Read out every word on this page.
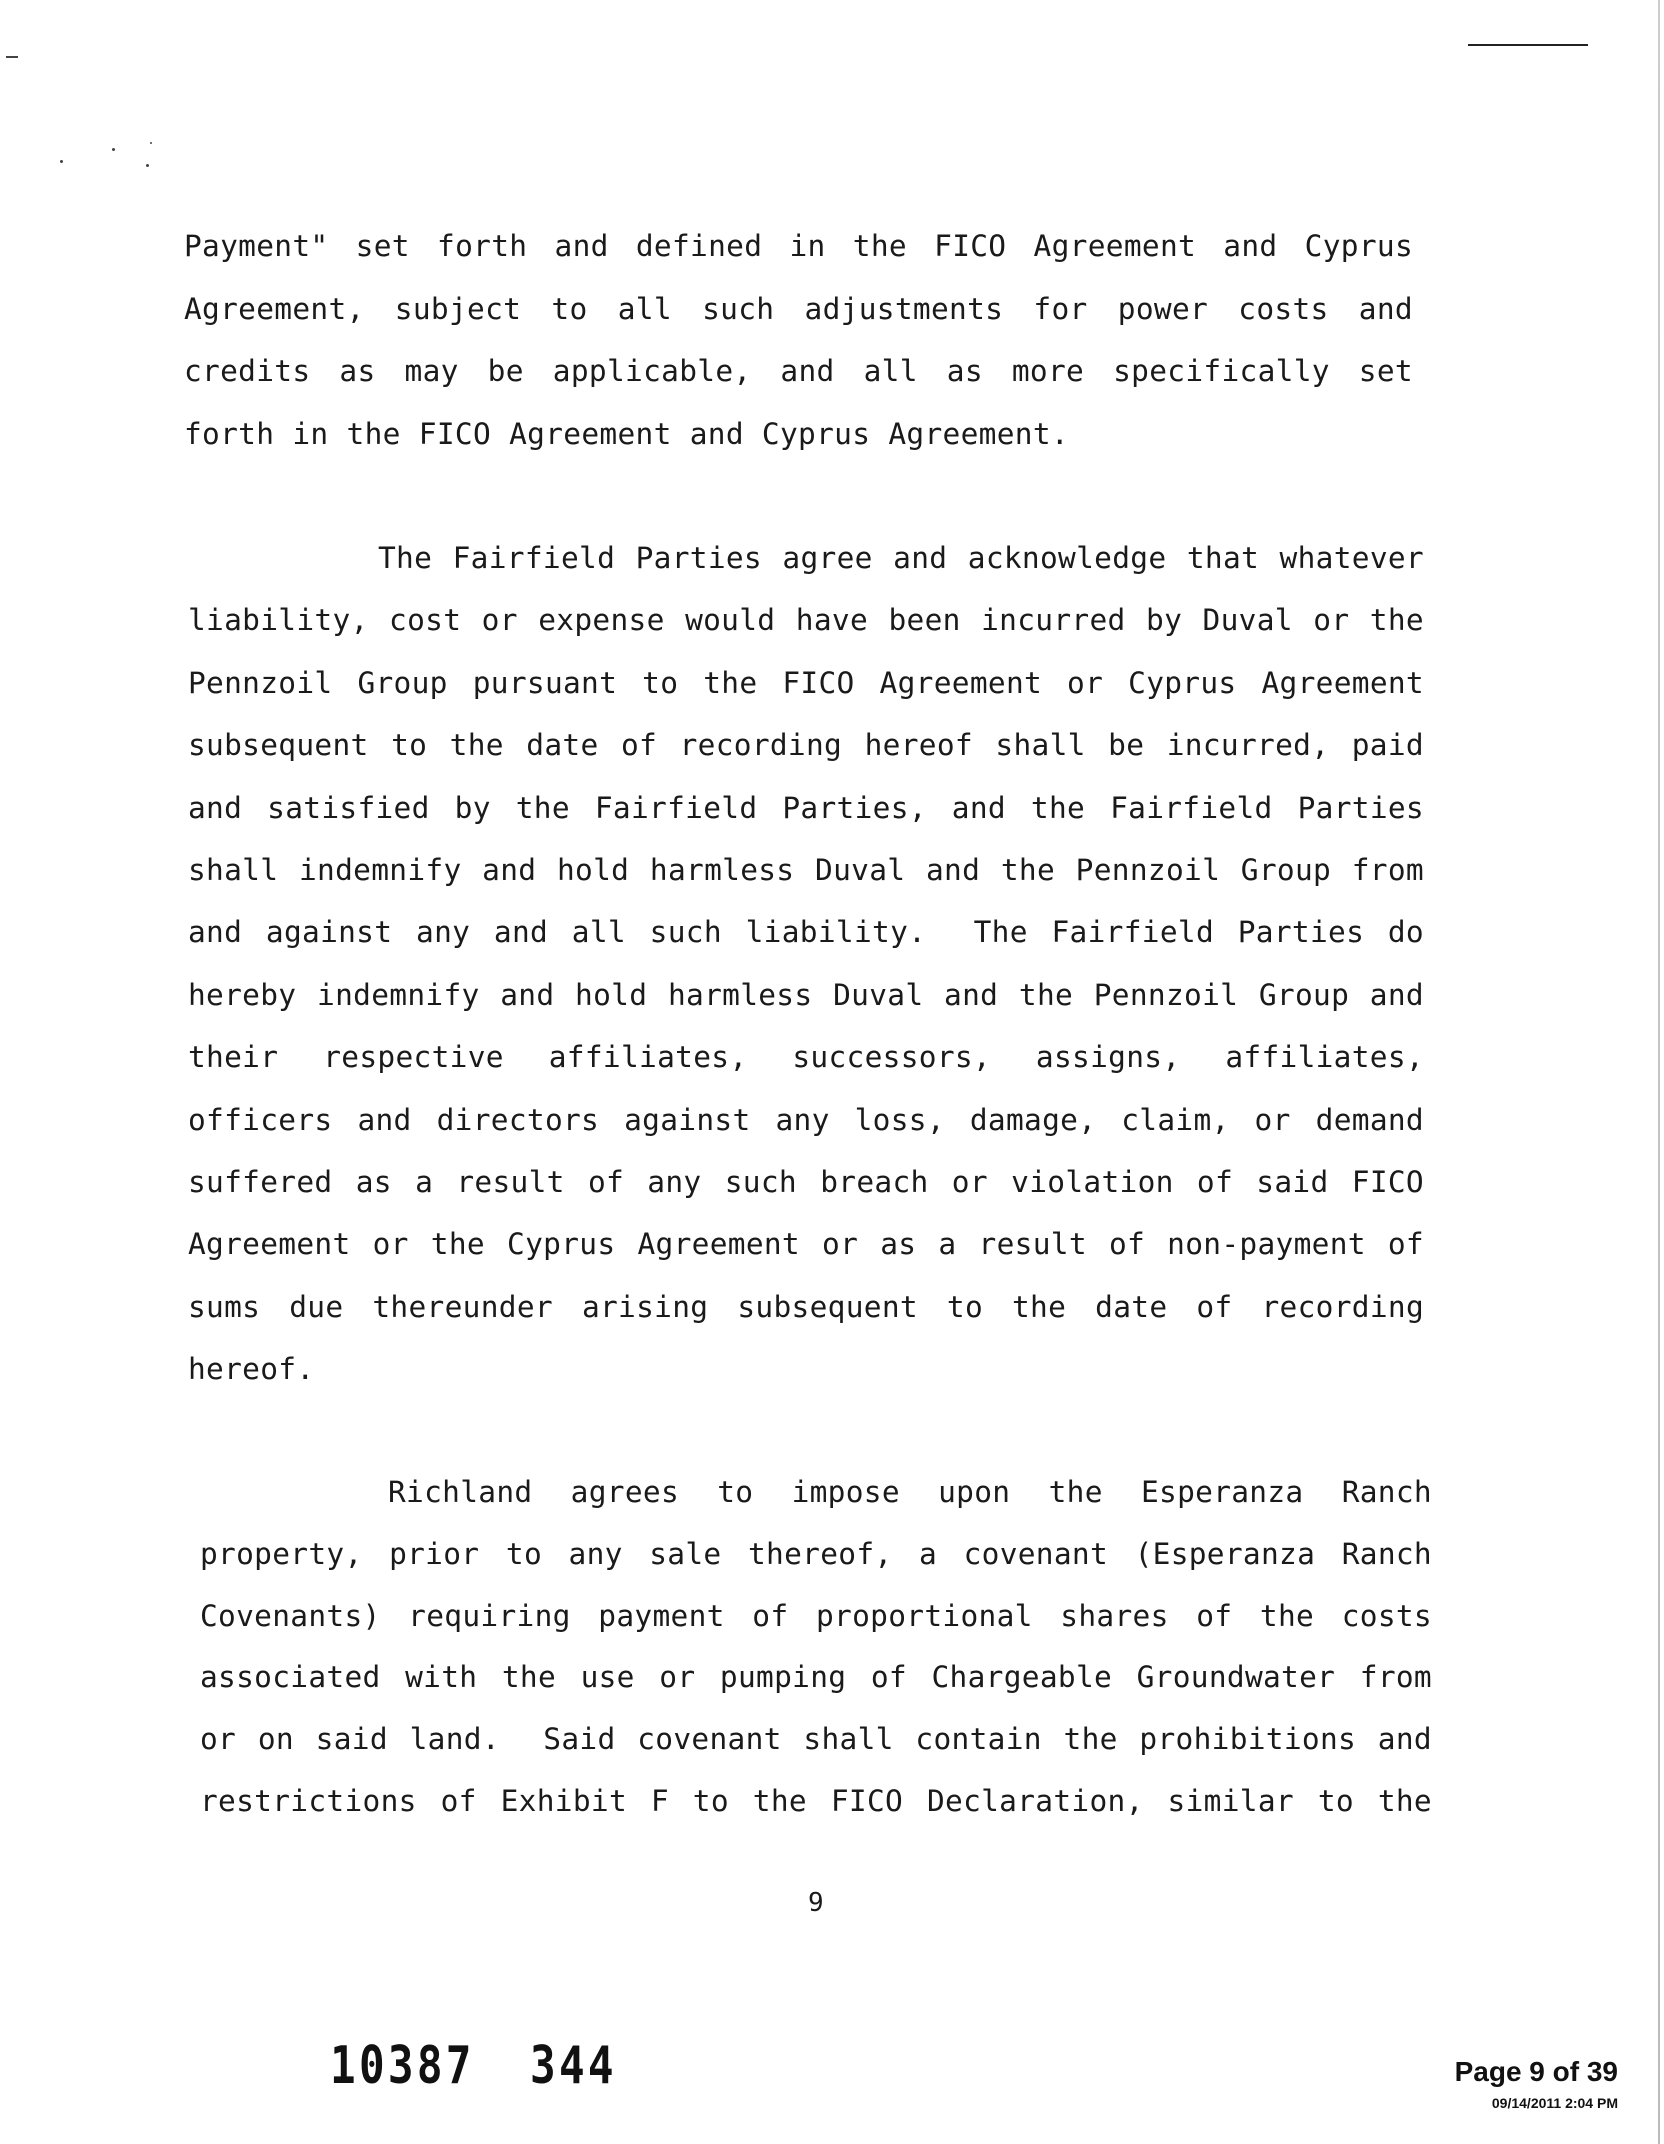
Payment" set forth and defined in the FICO Agreement and Cyprus
Agreement, subject to all such adjustments for power costs and
credits as may be applicable, and all as more specifically set
forth in the FICO Agreement and Cyprus Agreement.
The Fairfield Parties agree and acknowledge that whatever
liability, cost or expense would have been incurred by Duval or the
Pennzoil Group pursuant to the FICO Agreement or Cyprus Agreement
subsequent to the date of recording hereof shall be incurred, paid
and satisfied by the Fairfield Parties, and the Fairfield Parties
shall indemnify and hold harmless Duval and the Pennzoil Group from
and against any and all such liability.  The Fairfield Parties do
hereby indemnify and hold harmless Duval and the Pennzoil Group and
their respective affiliates, successors, assigns, affiliates,
officers and directors against any loss, damage, claim, or demand
suffered as a result of any such breach or violation of said FICO
Agreement or the Cyprus Agreement or as a result of non-payment of
sums due thereunder arising subsequent to the date of recording
hereof.
Richland agrees to impose upon the Esperanza Ranch
property, prior to any sale thereof, a covenant (Esperanza Ranch
Covenants) requiring payment of proportional shares of the costs
associated with the use or pumping of Chargeable Groundwater from
or on said land.  Said covenant shall contain the prohibitions and
restrictions of Exhibit F to the FICO Declaration, similar to the
9
10387 344	Page 9 of 39
09/14/2011 2:04 PM
